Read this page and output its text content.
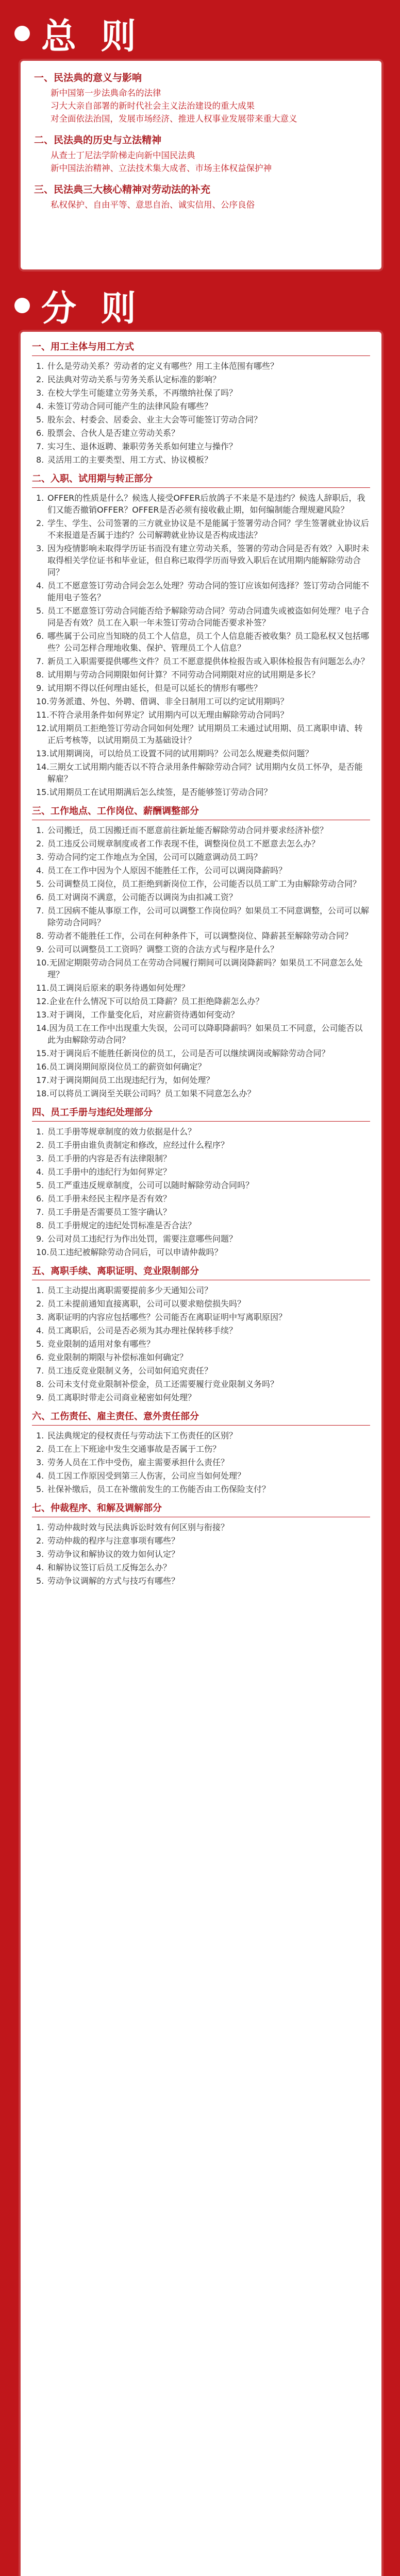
总 则
一、民法典的意义与影响
新中国第一步法典命名的法律
习大大亲自部署的新时代社会主义法治建设的重大成果
对全面依法治国，发展市场经济、推进人权事业发展带来重大意义
二、民法典的历史与立法精神
从查士丁尼法学阶梯走向新中国民法典
新中国法治精神、立法技术集大成者、市场主体权益保护神
三、民法典三大核心精神对劳动法的补充
私权保护、自由平等、意思自治、诚实信用、公序良俗
分 则
一、用工主体与用工方式
1. 什么是劳动关系？劳动者的定义有哪些？用工主体范围有哪些？
2. 民法典对劳动关系与劳务关系认定标准的影响？
3. 在校大学生可能建立劳务关系，不再缴纳社保了吗？
4. 未签订劳动合同可能产生的法律风险有哪些？
5. 股东会、村委会、居委会、业主大会等可能签订劳动合同？
6. 股票会、合伙人是否建立劳动关系？
7. 实习生、退休返聘、兼职劳务关系如何建立与操作？
8. 灵活用工的主要类型、用工方式、协议模板？
二、入职、试用期与转正部分
1. OFFER的性质是什么？候选人接受OFFER后放鸽子不来是不是违约？候选人辞职后，我们又能否撤销OFFER？OFFER是否必须有接收截止期，如何编制能合理规避风险？
2. 学生、学生、公司签署的三方就业协议是不是能属于签署劳动合同？学生签署就业协议后不来报道是否属于违约？公司解聘就业协议是否构成违法？
3. 因为疫情影响未取得学历证书而没有建立劳动关系，签署的劳动合同是否有效？入职时未取得相关学位证书和毕业证，但自称已取得学历而导致入职后在试用期内能解除劳动合同？
4. 员工不愿意签订劳动合同会怎么处理？劳动合同的签订应该如何选择？签订劳动合同能不能用电子签名？
5. 员工不愿意签订劳动合同能否给予解除劳动合同？劳动合同遗失或被盗如何处理？电子合同是否有效？员工在入职一年未签订劳动合同能否要求补签？
6. 哪些属于公司应当知晓的员工个人信息，员工个人信息能否被收集？员工隐私权又包括哪些？公司怎样合理地收集、保护、管理员工个人信息？
7. 新员工入职需要提供哪些文件？员工不愿意提供体检报告或入职体检报告有问题怎么办？
8. 试用期与劳动合同期限如何计算？不同劳动合同期限对应的试用期是多长？
9. 试用期不得以任何理由延长，但是可以延长的情形有哪些？
10.劳务派遣、外包、外聘、借调、非全日制用工可以约定试用期吗？
11.不符合录用条件如何界定？试用期内可以无理由解除劳动合同吗？
12.试用期员工拒绝签订劳动合同如何处理？试用期员工未通过试用期、员工离职申请、转正后考核等，以试用期员工为基础设计？
13.试用期调岗，可以给员工设置不同的试用期吗？公司怎么规避类似问题？
14.三期女工试用期内能否以不符合录用条件解除劳动合同？试用期内女员工怀孕，是否能解雇？
15.试用期员工在试用期满后怎么续签，是否能够签订劳动合同？
三、工作地点、工作岗位、薪酬调整部分
1. 公司搬迁，员工因搬迁而不愿意前往新址能否解除劳动合同并要求经济补偿？
2. 员工违反公司规章制度或者工作表现不佳，调整岗位员工不愿意去怎么办？
3. 劳动合同约定工作地点为全国，公司可以随意调动员工吗？
4. 员工在工作中因为个人原因不能胜任工作，公司可以调岗降薪吗？
5. 公司调整员工岗位，员工拒绝到新岗位工作，公司能否以员工旷工为由解除劳动合同？
6. 员工对调岗不满意，公司能否以调岗为由扣减工资？
7. 员工因病不能从事原工作，公司可以调整工作岗位吗？如果员工不同意调整，公司可以解除劳动合同吗？
8. 劳动者不能胜任工作，公司在何种条件下，可以调整岗位、降薪甚至解除劳动合同？
9. 公司可以调整员工工资吗？调整工资的合法方式与程序是什么？
10.无固定期限劳动合同员工在劳动合同履行期间可以调岗降薪吗？如果员工不同意怎么处理？
11.员工调岗后原来的职务待遇如何处理？
12.企业在什么情况下可以给员工降薪？员工拒绝降薪怎么办？
13.对于调岗，工作量变化后，对应薪资待遇如何变动？
14.因为员工在工作中出现重大失误，公司可以降职降薪吗？如果员工不同意，公司能否以此为由解除劳动合同？
15.对于调岗后不能胜任新岗位的员工，公司是否可以继续调岗或解除劳动合同？
16.员工调岗期间原岗位员工的薪资如何确定？
17.对于调岗期间员工出现违纪行为，如何处理？
18.可以将员工调岗至关联公司吗？员工如果不同意怎么办？
四、员工手册与违纪处理部分
1. 员工手册等规章制度的效力依据是什么？
2. 员工手册由谁负责制定和修改，应经过什么程序？
3. 员工手册的内容是否有法律限制？
4. 员工手册中的违纪行为如何界定？
5. 员工严重违反规章制度，公司可以随时解除劳动合同吗？
6. 员工手册未经民主程序是否有效？
7. 员工手册是否需要员工签字确认？
8. 员工手册规定的违纪处罚标准是否合法？
9. 公司对员工违纪行为作出处罚，需要注意哪些问题？
10.员工违纪被解除劳动合同后，可以申请仲裁吗？
五、离职手续、离职证明、竞业限制部分
1. 员工主动提出离职需要提前多少天通知公司？
2. 员工未提前通知直接离职，公司可以要求赔偿损失吗？
3. 离职证明的内容应包括哪些？公司能否在离职证明中写离职原因？
4. 员工离职后，公司是否必须为其办理社保转移手续？
5. 竞业限制的适用对象有哪些？
6. 竞业限制的期限与补偿标准如何确定？
7. 员工违反竞业限制义务，公司如何追究责任？
8. 公司未支付竞业限制补偿金，员工还需要履行竞业限制义务吗？
9. 员工离职时带走公司商业秘密如何处理？
六、工伤责任、雇主责任、意外责任部分
1. 民法典规定的侵权责任与劳动法下工伤责任的区别？
2. 员工在上下班途中发生交通事故是否属于工伤？
3. 劳务人员在工作中受伤，雇主需要承担什么责任？
4. 员工因工作原因受到第三人伤害，公司应当如何处理？
5. 社保补缴后，员工在补缴前发生的工伤能否由工伤保险支付？
七、仲裁程序、和解及调解部分
1. 劳动仲裁时效与民法典诉讼时效有何区别与衔接？
2. 劳动仲裁的程序与注意事项有哪些？
3. 劳动争议和解协议的效力如何认定？
4. 和解协议签订后员工反悔怎么办？
5. 劳动争议调解的方式与技巧有哪些？
